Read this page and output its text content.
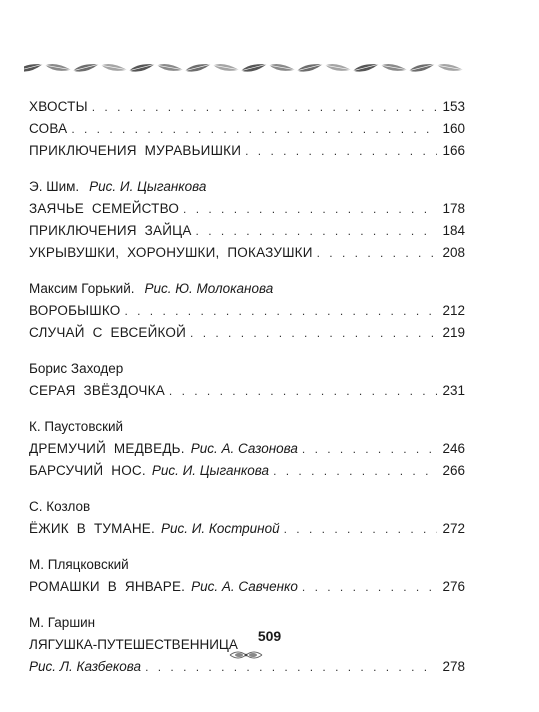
ХВОСТЫ . . .	153
СОВА . . .	160
ПРИКЛЮЧЕНИЯ МУРАВЬИШКИ . . .	166
Э. Шим. Рис. И. Цыганкова
ЗАЯЧЬЕ СЕМЕЙСТВО . . .	178
ПРИКЛЮЧЕНИЯ ЗАЙЦА . . .	184
УКРЫВУШКИ, ХОРОНУШКИ, ПОКАЗУШКИ . . .	208
Максим Горький. Рис. Ю. Молоканова
ВОРОБЫШКО . . .	212
СЛУЧАЙ С ЕВСЕЙКОЙ . . .	219
Борис Заходер
СЕРАЯ ЗВЁЗДОЧКА . . .	231
К. Паустовский
ДРЕМУЧИЙ МЕДВЕДЬ. Рис. А. Сазонова . . .	246
БАРСУЧИЙ НОС. Рис. И. Цыганкова . . .	266
С. Козлов
ЁЖИК В ТУМАНЕ. Рис. И. Костриной . . .	272
М. Пляцковский
РОМАШКИ В ЯНВАРЕ. Рис. А. Савченко . . .	276
М. Гаршин
ЛЯГУШКА-ПУТЕШЕСТВЕННИЦА
Рис. Л. Казбекова . . .	278
509
